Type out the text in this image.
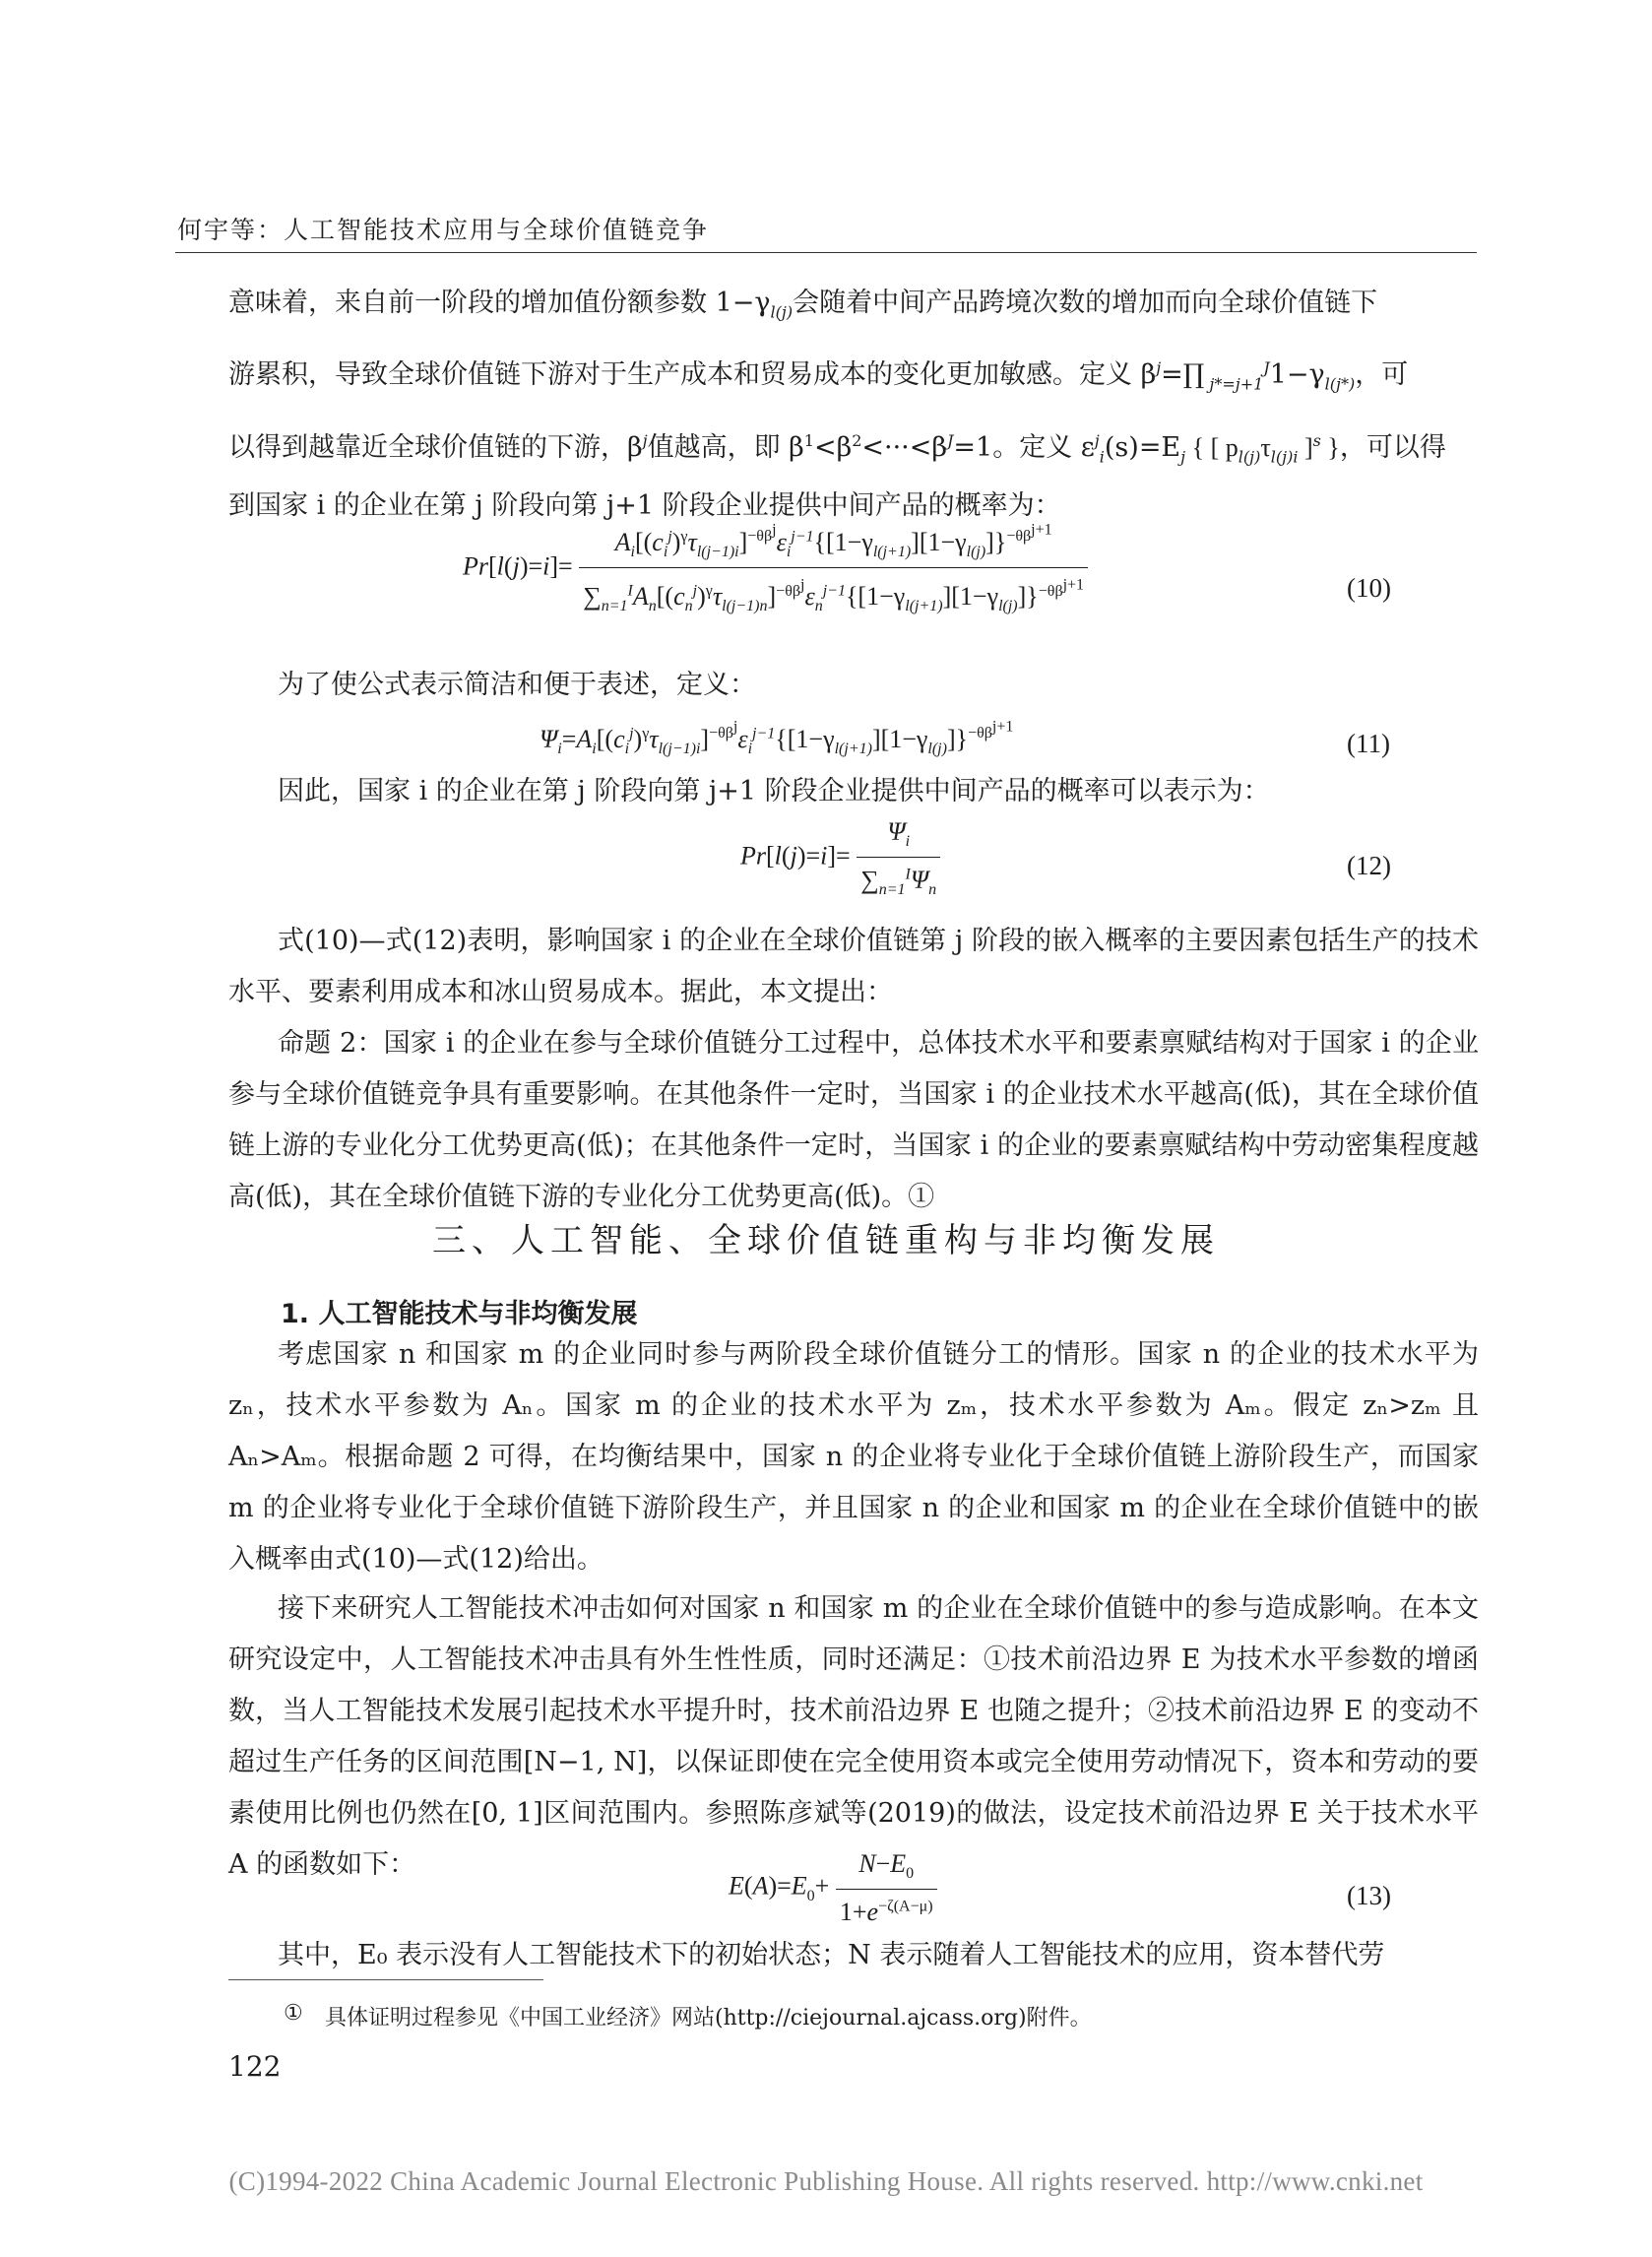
何宇等：人工智能技术应用与全球价值链竞争
意味着，来自前一阶段的增加值份额参数 $1-\gamma_{l(j)}$会随着中间产品跨境次数的增加而向全球价值链下
游累积，导致全球价值链下游对于生产成本和贸易成本的变化更加敏感。定义 $\beta^j=\prod$ $_{j*=j+1}^J1-\gamma_{l(j*)}$，可
以得到越靠近全球价值链的下游，$\beta^j$值越高，即 $\beta^1<\beta^2<\cdot\cdot\cdot<\beta^J=1$。定义 $\varepsilon^j_i(s)=E_j$ { [ $p_{l(j)}\tau_{l(j)i}$ ]$^s$ }，可以得
到国家 i 的企业在第 j 阶段向第 j+1 阶段企业提供中间产品的概率为：
$Pr[l(j)=i]= \frac{A_i[(c_i^j)^\gamma\tau_{l(j-1)i}]^{-\theta\beta^j}\varepsilon_i^{j-1}\{[1-\gamma_{l(j+1)}][1-\gamma_{l(j)}]\}^{-\theta\beta^{j+1}}}{\sum_{n=1}^IA_n[(c_n^j)^\gamma\tau_{l(j-1)n}]^{-\theta\beta^j}\varepsilon_n^{j-1}\{[1-\gamma_{l(j+1)}][1-\gamma_{l(j)}]\}^{-\theta\beta^{j+1}}}$	(10)
为了使公式表示简洁和便于表述，定义：
$\Psi_i=A_i[(c_i^j)^\gamma\tau_{l(j-1)i}]^{-\theta\beta^j}\varepsilon_i^{j-1}\{[1-\gamma_{l(j+1)}][1-\gamma_{l(j)}]\}^{-\theta\beta^{j+1}}$
(11)
因此，国家 i 的企业在第 j 阶段向第 j+1 阶段企业提供中间产品的概率可以表示为：
$Pr[l(j)=i]= \frac{\Psi_i}{\sum_{n=1}^I\Psi_n}$	(12)
式(10)—式(12)表明，影响国家 i 的企业在全球价值链第 j 阶段的嵌入概率的主要因素包括生产的技术水平、要素利用成本和冰山贸易成本。据此，本文提出：
命题 2：国家 i 的企业在参与全球价值链分工过程中，总体技术水平和要素禀赋结构对于国家 i 的企业参与全球价值链竞争具有重要影响。在其他条件一定时，当国家 i 的企业技术水平越高(低)，其在全球价值链上游的专业化分工优势更高(低)；在其他条件一定时，当国家 i 的企业的要素禀赋结构中劳动密集程度越高(低)，其在全球价值链下游的专业化分工优势更高(低)。①
三、人工智能、全球价值链重构与非均衡发展
1. 人工智能技术与非均衡发展
考虑国家 n 和国家 m 的企业同时参与两阶段全球价值链分工的情形。国家 n 的企业的技术水平为 zₙ，技术水平参数为 Aₙ。国家 m 的企业的技术水平为 zₘ，技术水平参数为 Aₘ。假定 zₙ>zₘ 且 Aₙ>Aₘ。根据命题 2 可得，在均衡结果中，国家 n 的企业将专业化于全球价值链上游阶段生产，而国家 m 的企业将专业化于全球价值链下游阶段生产，并且国家 n 的企业和国家 m 的企业在全球价值链中的嵌入概率由式(10)—式(12)给出。
接下来研究人工智能技术冲击如何对国家 n 和国家 m 的企业在全球价值链中的参与造成影响。在本文研究设定中，人工智能技术冲击具有外生性性质，同时还满足：①技术前沿边界 E 为技术水平参数的增函数，当人工智能技术发展引起技术水平提升时，技术前沿边界 E 也随之提升；②技术前沿边界 E 的变动不超过生产任务的区间范围[N−1, N]，以保证即使在完全使用资本或完全使用劳动情况下，资本和劳动的要素使用比例也仍然在[0, 1]区间范围内。参照陈彦斌等(2019)的做法，设定技术前沿边界 E 关于技术水平 A 的函数如下：
$E(A)=E_0+ \frac{N-E_0}{1+e^{-\zeta(A-\mu)}}$	(13)
其中，E₀ 表示没有人工智能技术下的初始状态；N 表示随着人工智能技术的应用，资本替代劳
① 具体证明过程参见《中国工业经济》网站(http://ciejournal.ajcass.org)附件。
122
(C)1994-2022 China Academic Journal Electronic Publishing House. All rights reserved. http://www.cnki.net
